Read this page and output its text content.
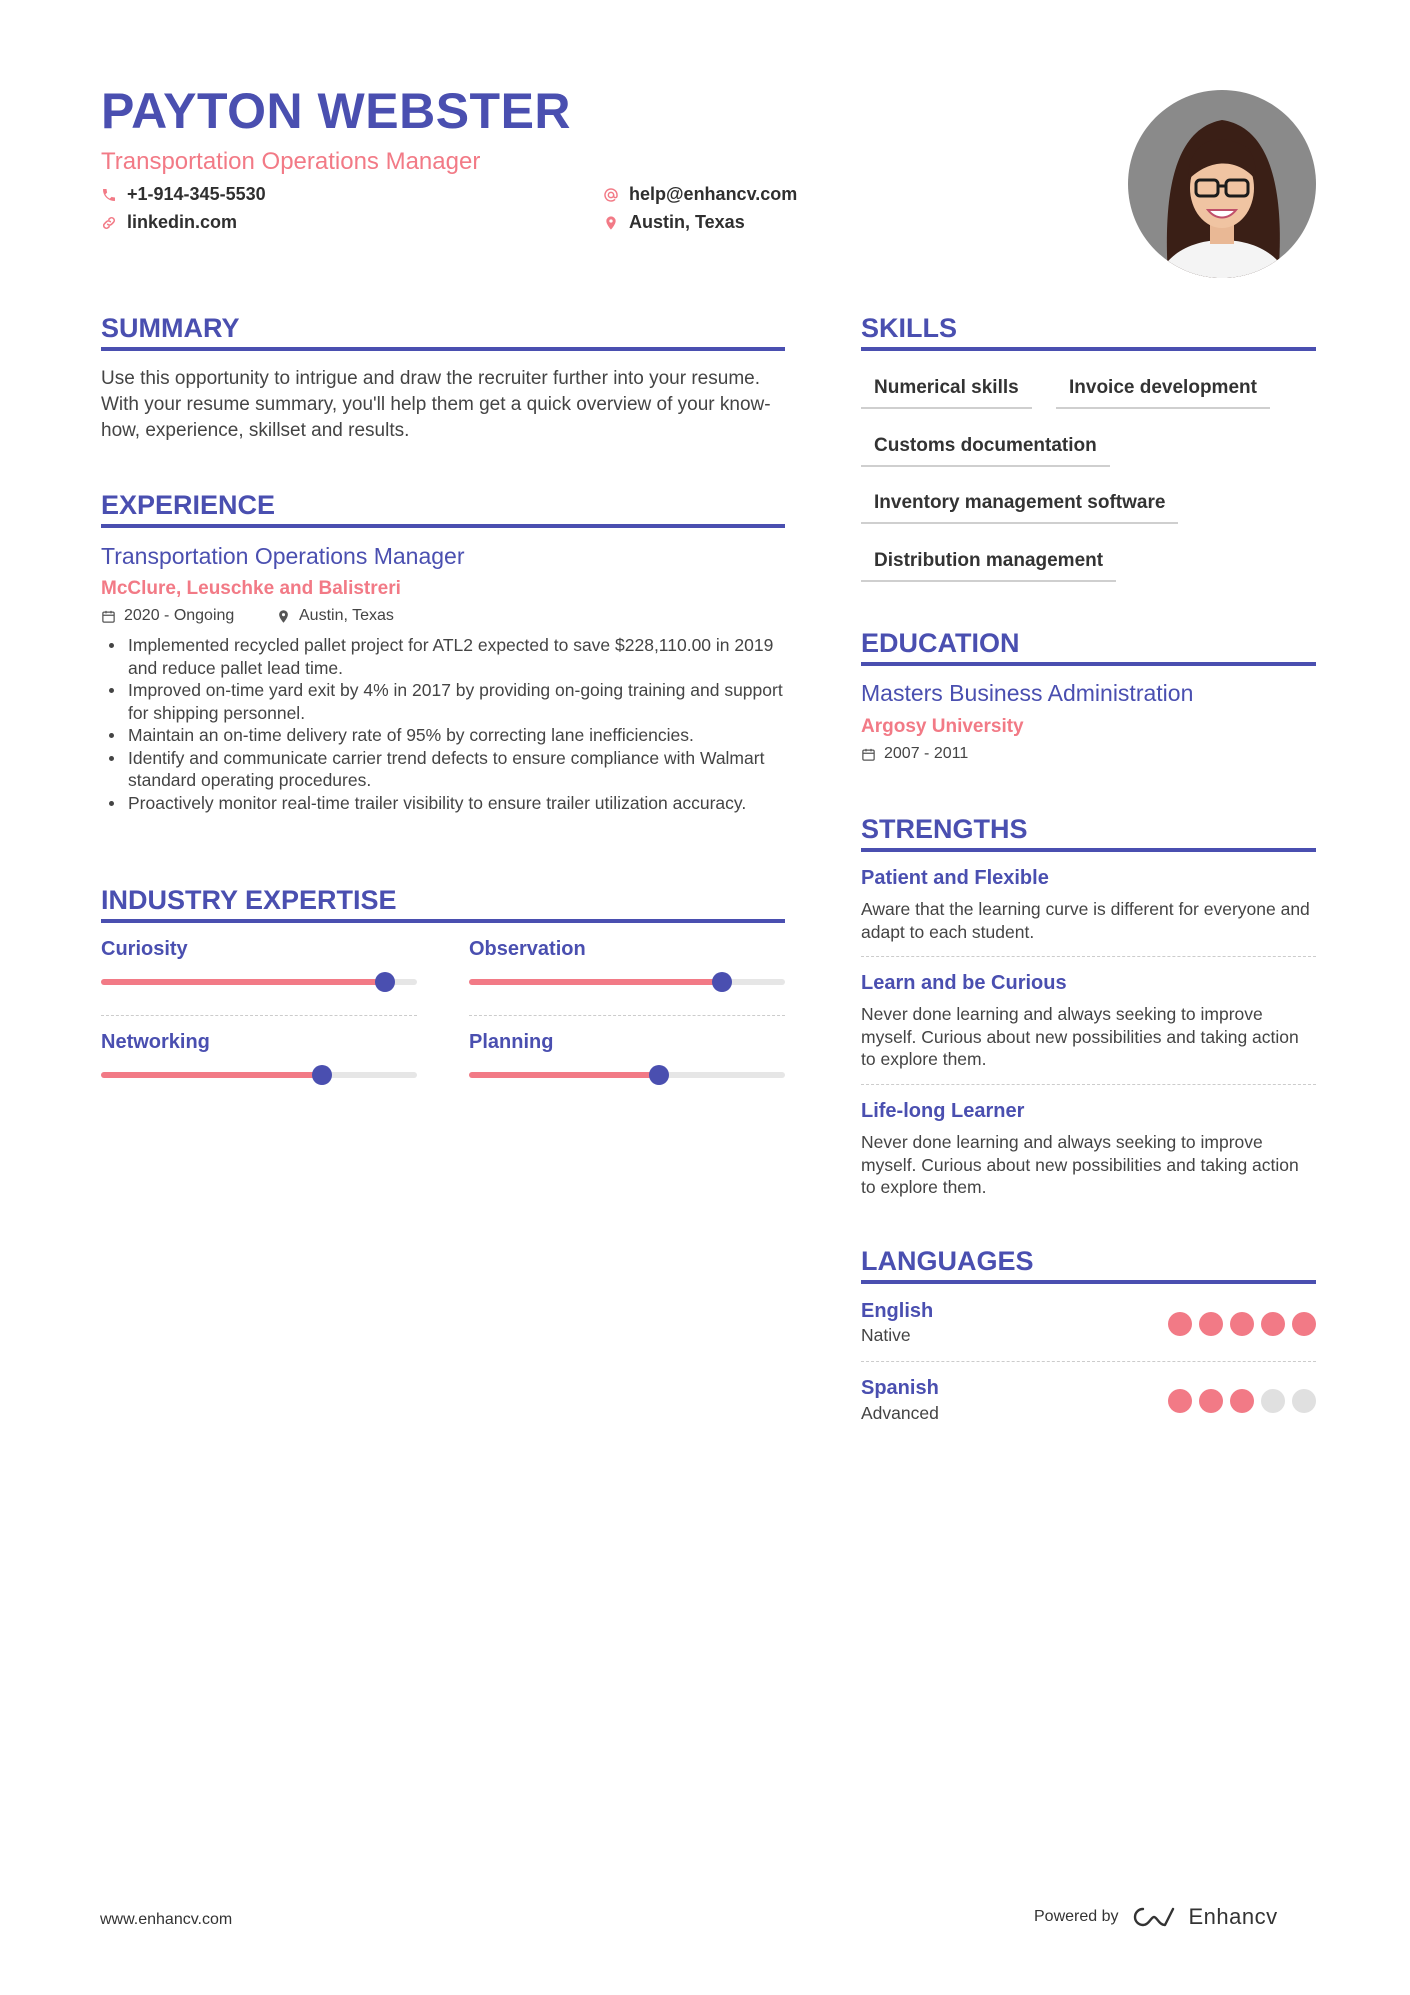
PAYTON WEBSTER
Transportation Operations Manager
+1-914-345-5530
linkedin.com
help@enhancv.com
Austin, Texas
SUMMARY
Use this opportunity to intrigue and draw the recruiter further into your resume. With your resume summary, you'll help them get a quick overview of your know-how, experience, skillset and results.
EXPERIENCE
Transportation Operations Manager
McClure, Leuschke and Balistreri
2020 - Ongoing	Austin, Texas
Implemented recycled pallet project for ATL2 expected to save $228,110.00 in 2019 and reduce pallet lead time.
Improved on-time yard exit by 4% in 2017 by providing on-going training and support for shipping personnel.
Maintain an on-time delivery rate of 95% by correcting lane inefficiencies.
Identify and communicate carrier trend defects to ensure compliance with Walmart standard operating procedures.
Proactively monitor real-time trailer visibility to ensure trailer utilization accuracy.
INDUSTRY EXPERTISE
Curiosity	Observation
Networking	Planning
SKILLS
Numerical skills	Invoice development
Customs documentation
Inventory management software
Distribution management
EDUCATION
Masters Business Administration
Argosy University
2007 - 2011
STRENGTHS
Patient and Flexible
Aware that the learning curve is different for everyone and adapt to each student.
Learn and be Curious
Never done learning and always seeking to improve myself. Curious about new possibilities and taking action to explore them.
Life-long Learner
Never done learning and always seeking to improve myself. Curious about new possibilities and taking action to explore them.
LANGUAGES
English
Native
Spanish
Advanced
www.enhancv.com	Powered by	Enhancv
